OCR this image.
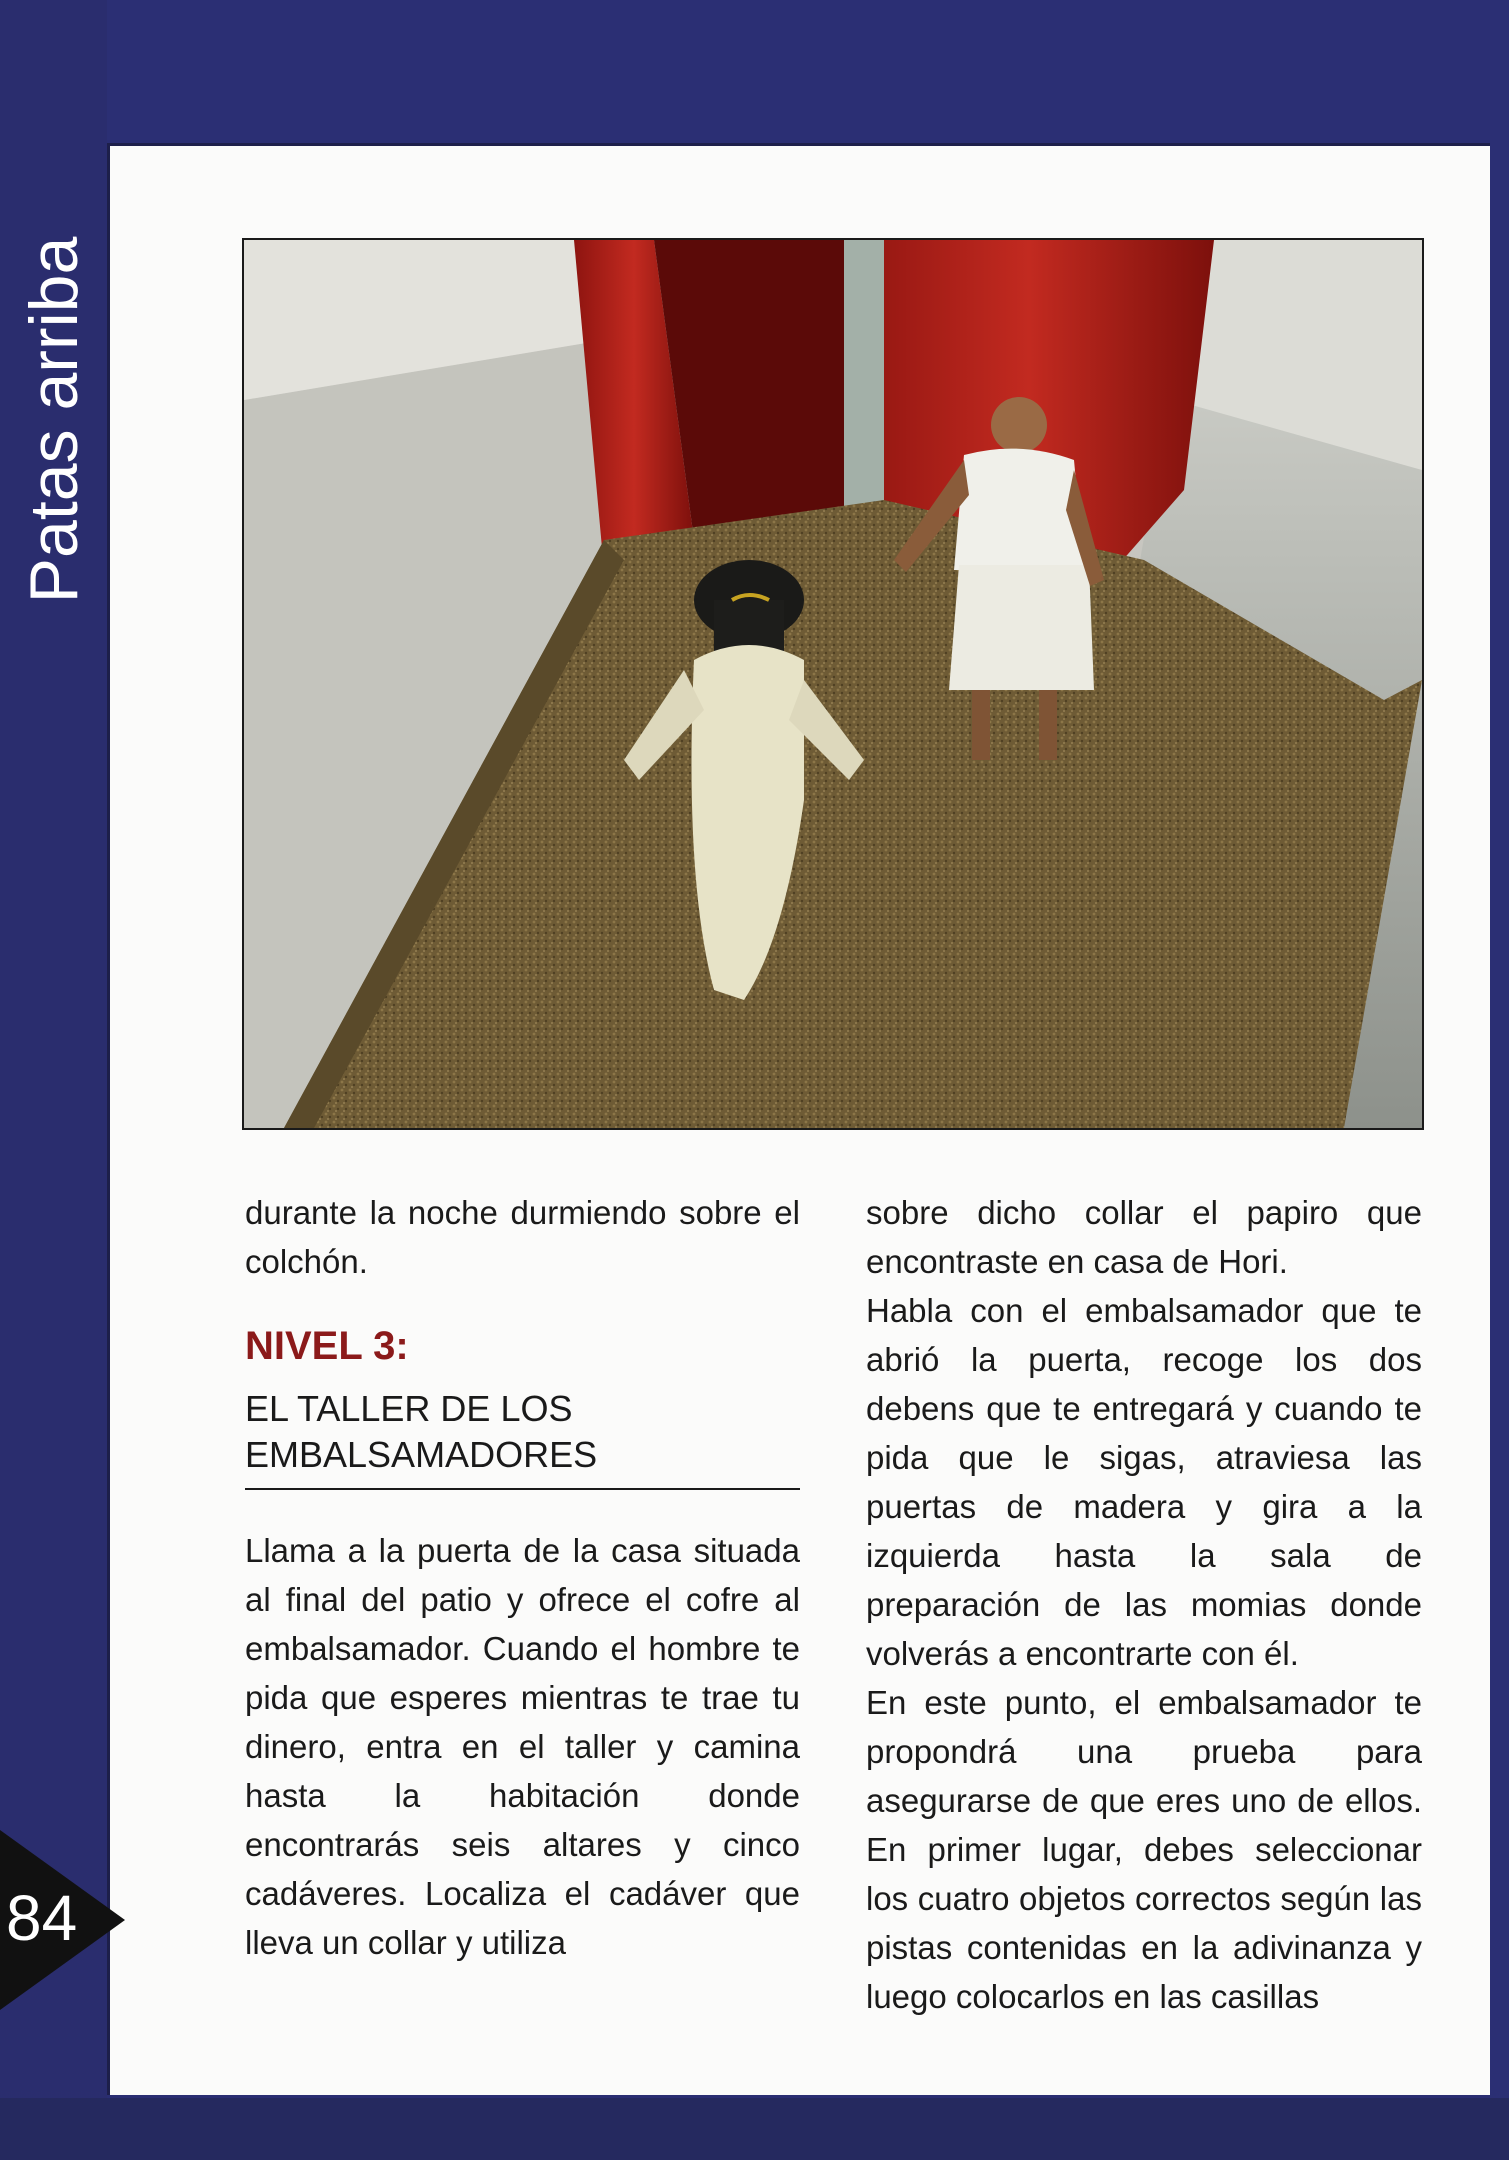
Patas arriba

durante la noche durmiendo sobre el colchón.

NIVEL 3:
EL TALLER DE LOS
EMBALSAMADORES

Llama a la puerta de la casa situada al final del patio y ofrece el cofre al embalsamador. Cuando el hombre te pida que esperes mientras te trae tu dinero, entra en el taller y camina hasta la habitación donde encontrarás seis altares y cinco cadáveres. Localiza el cadáver que lleva un collar y utiliza

sobre dicho collar el papiro que encontraste en casa de Hori.

Habla con el embalsamador que te abrió la puerta, recoge los dos debens que te entregará y cuando te pida que le sigas, atraviesa las puertas de madera y gira a la izquierda hasta la sala de preparación de las momias donde volverás a encontrarte con él.

En este punto, el embalsamador te propondrá una prueba para asegurarse de que eres uno de ellos. En primer lugar, debes seleccionar los cuatro objetos correctos según las pistas contenidas en la adivinanza y luego colocarlos en las casillas

84
